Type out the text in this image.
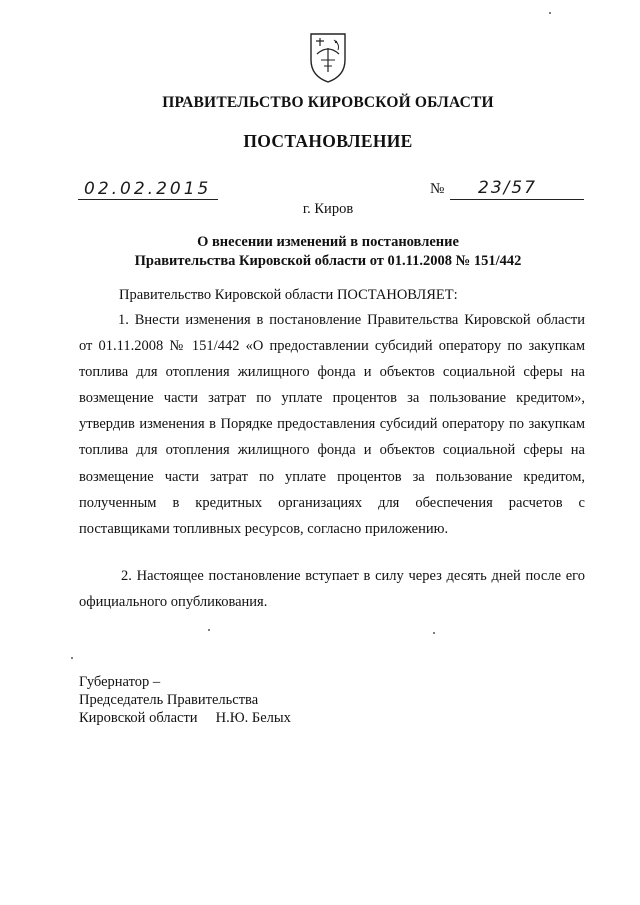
ПРАВИТЕЛЬСТВО КИРОВСКОЙ ОБЛАСТИ
ПОСТАНОВЛЕНИЕ
02.02.2015	№ 23/57
г. Киров
О внесении изменений в постановление
Правительства Кировской области от 01.11.2008 № 151/442
Правительство Кировской области ПОСТАНОВЛЯЕТ:

1. Внести изменения в постановление Правительства Кировской области от 01.11.2008 № 151/442 «О предоставлении субсидий оператору по закупкам топлива для отопления жилищного фонда и объектов социальной сферы на возмещение части затрат по уплате процентов за пользование кредитом», утвердив изменения в Порядке предоставления субсидий оператору по закупкам топлива для отопления жилищного фонда и объектов социальной сферы на возмещение части затрат по уплате процентов за пользование кредитом, полученным в кредитных организациях для обеспечения расчетов с поставщиками топливных ресурсов, согласно приложению.

2. Настоящее постановление вступает в силу через десять дней после его официального опубликования.

Губернатор –
Председатель Правительства
Кировской области     Н.Ю. Белых
